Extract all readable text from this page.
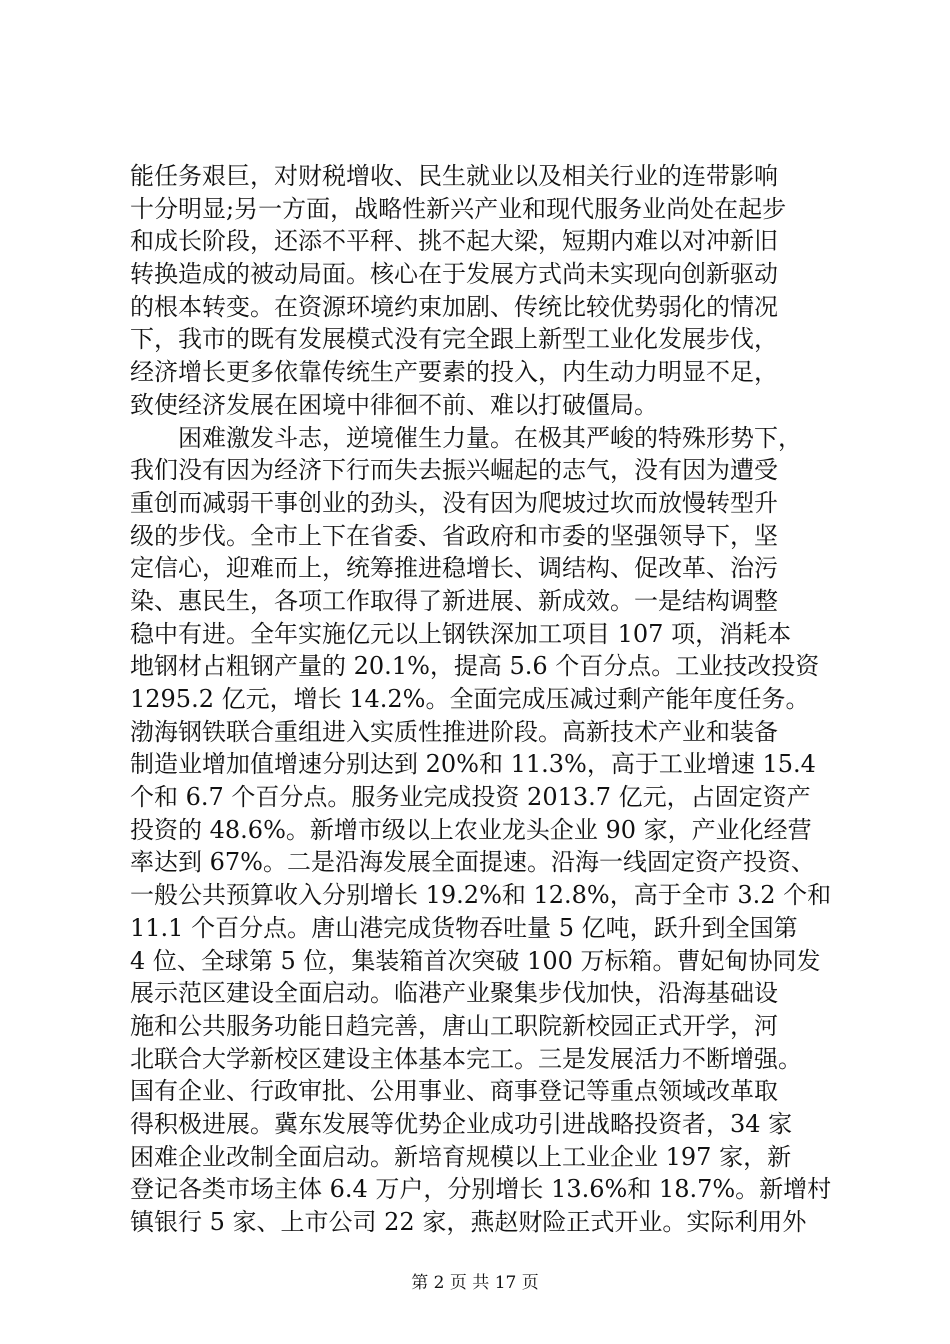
能任务艰巨，对财税增收、民生就业以及相关行业的连带影响
十分明显;另一方面，战略性新兴产业和现代服务业尚处在起步
和成长阶段，还添不平秤、挑不起大梁，短期内难以对冲新旧
转换造成的被动局面。核心在于发展方式尚未实现向创新驱动
的根本转变。在资源环境约束加剧、传统比较优势弱化的情况
下，我市的既有发展模式没有完全跟上新型工业化发展步伐，
经济增长更多依靠传统生产要素的投入，内生动力明显不足，
致使经济发展在困境中徘徊不前、难以打破僵局。
　　困难激发斗志，逆境催生力量。在极其严峻的特殊形势下，
我们没有因为经济下行而失去振兴崛起的志气，没有因为遭受
重创而减弱干事创业的劲头，没有因为爬坡过坎而放慢转型升
级的步伐。全市上下在省委、省政府和市委的坚强领导下，坚
定信心，迎难而上，统筹推进稳增长、调结构、促改革、治污
染、惠民生，各项工作取得了新进展、新成效。一是结构调整
稳中有进。全年实施亿元以上钢铁深加工项目 107 项，消耗本
地钢材占粗钢产量的 20.1%，提高 5.6 个百分点。工业技改投资
1295.2 亿元，增长 14.2%。全面完成压减过剩产能年度任务。
渤海钢铁联合重组进入实质性推进阶段。高新技术产业和装备
制造业增加值增速分别达到 20%和 11.3%，高于工业增速 15.4
个和 6.7 个百分点。服务业完成投资 2013.7 亿元，占固定资产
投资的 48.6%。新增市级以上农业龙头企业 90 家，产业化经营
率达到 67%。二是沿海发展全面提速。沿海一线固定资产投资、
一般公共预算收入分别增长 19.2%和 12.8%，高于全市 3.2 个和
11.1 个百分点。唐山港完成货物吞吐量 5 亿吨，跃升到全国第
4 位、全球第 5 位，集装箱首次突破 100 万标箱。曹妃甸协同发
展示范区建设全面启动。临港产业聚集步伐加快，沿海基础设
施和公共服务功能日趋完善，唐山工职院新校园正式开学，河
北联合大学新校区建设主体基本完工。三是发展活力不断增强。
国有企业、行政审批、公用事业、商事登记等重点领域改革取
得积极进展。冀东发展等优势企业成功引进战略投资者，34 家
困难企业改制全面启动。新培育规模以上工业企业 197 家，新
登记各类市场主体 6.4 万户，分别增长 13.6%和 18.7%。新增村
镇银行 5 家、上市公司 22 家，燕赵财险正式开业。实际利用外
第 2 页 共 17 页
